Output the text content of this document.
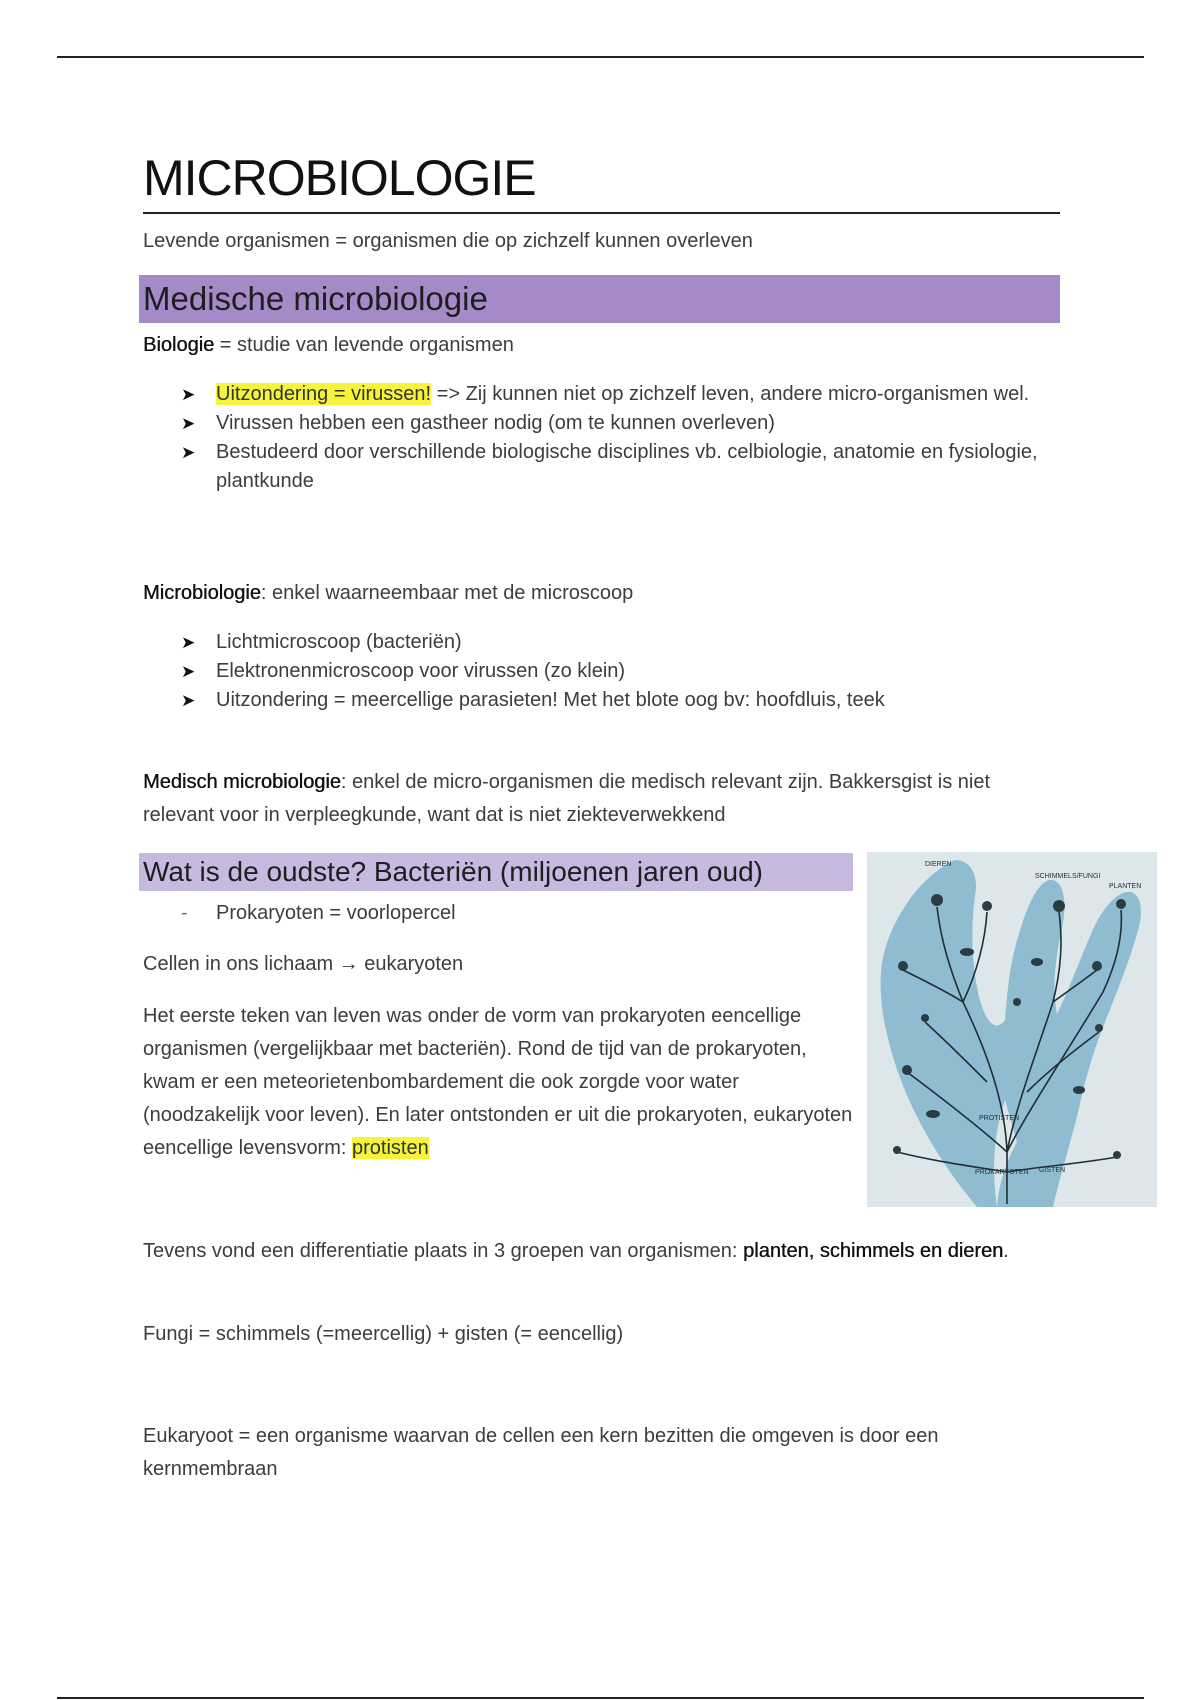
MICROBIOLOGIE
Levende organismen = organismen die op zichzelf kunnen overleven
Medische microbiologie
Biologie = studie van levende organismen
➤ Uitzondering = virussen! => Zij kunnen niet op zichzelf leven, andere micro-organismen wel.
➤ Virussen hebben een gastheer nodig (om te kunnen overleven)
➤ Bestudeerd door verschillende biologische disciplines vb. celbiologie, anatomie en fysiologie, plantkunde
Microbiologie: enkel waarneembaar met de microscoop
➤ Lichtmicroscoop (bacteriën)
➤ Elektronenmicroscoop voor virussen (zo klein)
➤ Uitzondering = meercellige parasieten! Met het blote oog bv: hoofdluis, teek
Medisch microbiologie: enkel de micro-organismen die medisch relevant zijn. Bakkersgist is niet relevant voor in verpleegkunde, want dat is niet ziekteverwekkend
Wat is de oudste? Bacteriën (miljoenen jaren oud)
- Prokaryoten = voorlopercel
Cellen in ons lichaam → eukaryoten
Het eerste teken van leven was onder de vorm van prokaryoten eencellige organismen (vergelijkbaar met bacteriën). Rond de tijd van de prokaryoten, kwam er een meteorietenbombardement die ook zorgde voor water (noodzakelijk voor leven). En later ontstonden er uit die prokaryoten, eukaryoten eencellige levensvorm: protisten
Tevens vond een differentiatie plaats in 3 groepen van organismen: planten, schimmels en dieren.
Fungi = schimmels (=meercellig) + gisten (= eencellig)
Eukaryoot = een organisme waarvan de cellen een kern bezitten die omgeven is door een kernmembraan
DIEREN
SCHIMMELS/FUNGI
PLANTEN
PROTISTEN
PROKARYOTEN GISTEN
